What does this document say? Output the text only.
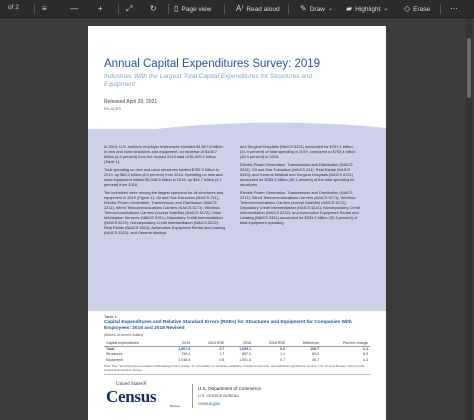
of 2	≡	—	+	⤢ ↻ ▯ Page view	A⁾ Read aloud	✎ Draw ⌄ ▰ Highlight ⌄ ◇ Erase ⋯
Annual Capital Expenditures Survey: 2019
Industries With the Largest Total Capital Expenditures for Structures and Equipment
Released April 29, 2021
EN-ACES

In 2019, U.S. nonfarm employer businesses invested $1,807.8 billion in new and used structures and equipment, an increase of $108.7 billion (6.4 percent) from the revised 2018 total of $1,699.1 billion (Table 1).

Total spending on new and used structures totaled $759.3 billion in 2019, up $62.0 billion (8.9 percent) from 2018. Spending on new and used equipment totaled $1,048.5 billion in 2019, up $46.7 billion (4.4 percent) from 2018.

Ten industries were among the largest spenders for all structures and equipment in 2019 (Figure 1): Oil and Gas Extraction (NAICS 211); Electric Power Generation, Transmission and Distribution (NAICS 2211); Wired Telecommunications Carriers (NAICS 5171); Wireless Telecommunications Carriers (except Satellite) (NAICS 5172); Other Information Services (NAICS 5191); Depository Credit Intermediation (NAICS 5221); Nondepository Credit Intermediation (NAICS 5222); Real Estate (NAICS 5310); Automotive Equipment Rental and Leasing (NAICS 5321); and General Medical

and Surgical Hospitals (NAICS 6221) accounted for $757.1 billion (41.9 percent) of total spending in 2019, compared to $703.4 billion (38.9 percent) in 2018.

Electric Power Generation, Transmission and Distribution (NAICS 2211); Oil and Gas Extraction (NAICS 211); Real Estate (NAICS 5310); and General Medical and Surgical Hospitals (NAICS 6221) accounted for $285.1 billion (40.1 percent) of the total spending for structures.

Electric Power Generation, Transmission and Distribution (NAICS 2211); Wired Telecommunications Carriers (NAICS 5171); Wireless Telecommunications Carriers (except Satellite) (NAICS 5172); Depository Credit Intermediation (NAICS 5221); Nondepository Credit Intermediation (NAICS 5222); and Automotive Equipment Rental and Leasing (NAICS 5321) accounted for $334.2 billion (30.4 percent) of total equipment spending.

Table 1.
Capital Expenditures and Relative Standard Errors (RSEs) for Structures and Equipment for Companies With Employees: 2019 and 2018 Revised
(Billions of current dollars)
Capital expenditures	2019	2019 RSE	2018	2018 RSE	Difference	Percent change
Total	1,807.8	0.7	1,699.1	0.6	108.7	6.4
Structures	759.3	1.7	697.3	1.1	62.0	8.9
Equipment	1,048.5	0.8	1,001.8	0.7	46.7	4.4
Note: See "Technical Documentation/ Methodology/ Data Quality" for information on sampling variability, confidence intervals, and statistical significance. Source: U.S. Census Bureau, 2019 Annual Capital Expenditures Survey.
United States®
Census	Bureau
U.S. Department of Commerce
U.S. CENSUS BUREAU
census.gov
